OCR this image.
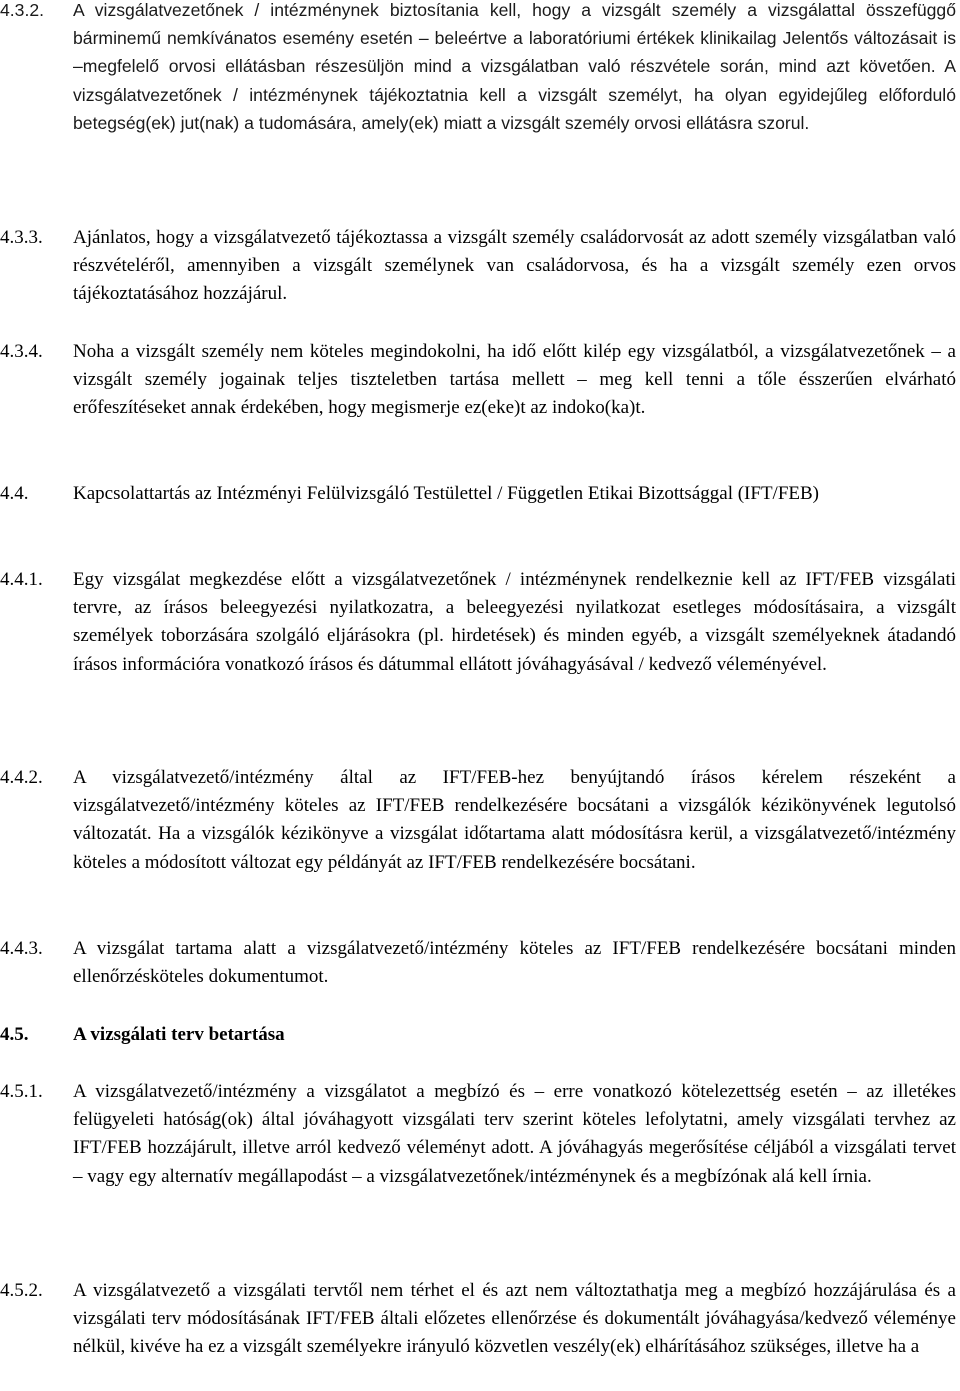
4.3.2.	A vizsgálatvezetőnek / intézménynek biztosítania kell, hogy a vizsgált személy a vizsgálattal összefüggő bárminemű nemkívánatos esemény esetén – beleértve a laboratóriumi értékek klinikailag Jelentős változásait is –megfelelő orvosi ellátásban részesüljön mind a vizsgálatban való részvétele során, mind azt követően. A vizsgálatvezetőnek / intézménynek tájékoztatnia kell a vizsgált személyt, ha olyan egyidejűleg előforduló betegség(ek) jut(nak) a tudomására, amely(ek) miatt a vizsgált személy orvosi ellátásra szorul.
4.3.3.	Ajánlatos, hogy a vizsgálatvezető tájékoztassa a vizsgált személy családorvosát az adott személy vizsgálatban való részvételéről, amennyiben a vizsgált személynek van családorvosa, és ha a vizsgált személy ezen orvos tájékoztatásához hozzájárul.
4.3.4.	Noha a vizsgált személy nem köteles megindokolni, ha idő előtt kilép egy vizsgálatból, a vizsgálatvezetőnek – a vizsgált személy jogainak teljes tiszteletben tartása mellett – meg kell tenni a tőle ésszerűen elvárható erőfeszítéseket annak érdekében, hogy megismerje ez(eke)t az indoko(ka)t.
4.4.	Kapcsolattartás az Intézményi Felülvizsgáló Testülettel / Független Etikai Bizottsággal (IFT/FEB)
4.4.1.	Egy vizsgálat megkezdése előtt a vizsgálatvezetőnek / intézménynek rendelkeznie kell az IFT/FEB vizsgálati tervre, az írásos beleegyezési nyilatkozatra, a beleegyezési nyilatkozat esetleges módosításaira, a vizsgált személyek toborzására szolgáló eljárásokra (pl. hirdetések) és minden egyéb, a vizsgált személyeknek átadandó írásos információra vonatkozó írásos és dátummal ellátott jóváhagyásával / kedvező véleményével.
4.4.2.	A vizsgálatvezető/intézmény által az IFT/FEB-hez benyújtandó írásos kérelem részeként a vizsgálatvezető/intézmény köteles az IFT/FEB rendelkezésére bocsátani a vizsgálók kézikönyvének legutolsó változatát. Ha a vizsgálók kézikönyve a vizsgálat időtartama alatt módosításra kerül, a vizsgálatvezető/intézmény köteles a módosított változat egy példányát az IFT/FEB rendelkezésére bocsátani.
4.4.3.	A vizsgálat tartama alatt a vizsgálatvezető/intézmény köteles az IFT/FEB rendelkezésére bocsátani minden ellenőrzésköteles dokumentumot.
4.5.	A vizsgálati terv betartása
4.5.1.	A vizsgálatvezető/intézmény a vizsgálatot a megbízó és – erre vonatkozó kötelezettség esetén – az illetékes felügyeleti hatóság(ok) által jóváhagyott vizsgálati terv szerint köteles lefolytatni, amely vizsgálati tervhez az IFT/FEB hozzájárult, illetve arról kedvező véleményt adott. A jóváhagyás megerősítése céljából a vizsgálati tervet – vagy egy alternatív megállapodást – a vizsgálatvezetőnek/intézménynek és a megbízónak alá kell írnia.
4.5.2.	A vizsgálatvezető a vizsgálati tervtől nem térhet el és azt nem változtathatja meg a megbízó hozzájárulása és a vizsgálati terv módosításának IFT/FEB általi előzetes ellenőrzése és dokumentált jóváhagyása/kedvező véleménye nélkül, kivéve ha ez a vizsgált személyekre irányuló közvetlen veszély(ek) elhárításához szükséges, illetve ha a
